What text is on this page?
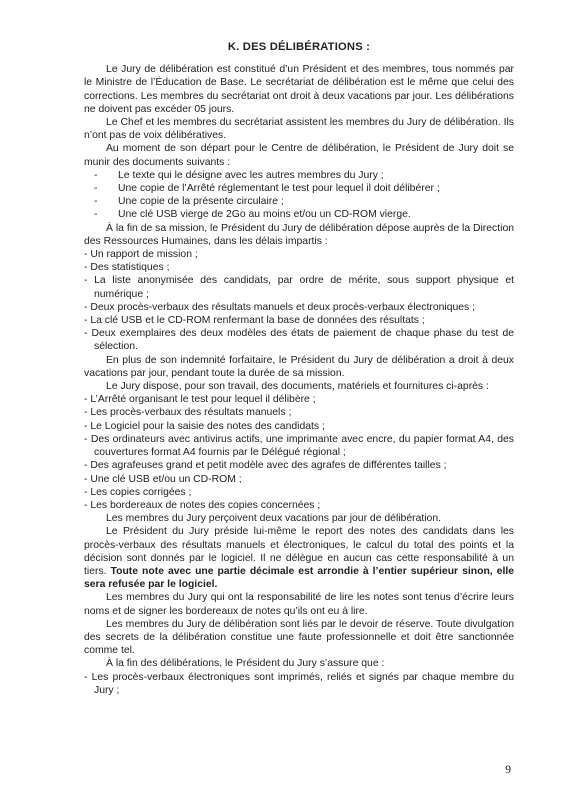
K. DES DÉLIBÉRATIONS :

Le Jury de délibération est constitué d’un Président et des membres, tous nommés par le Ministre de l’Éducation de Base. Le secrétariat de délibération est le même que celui des corrections. Les membres du secrétariat ont droit à deux vacations par jour. Les délibérations ne doivent pas excéder 05 jours.

Le Chef et les membres du secrétariat assistent les membres du Jury de délibération. Ils n’ont pas de voix délibératives.

Au moment de son départ pour le Centre de délibération, le Président de Jury doit se munir des documents suivants :

-	Le texte qui le désigne avec les autres membres du Jury ;
-	Une copie de l’Arrêté réglementant le test pour lequel il doit délibérer ;
-	Une copie de la présente circulaire ;
-	Une clé USB vierge de 2Go au moins et/ou un CD-ROM vierge.

À la fin de sa mission, le Président du Jury de délibération dépose auprès de la Direction des Ressources Humaines, dans les délais impartis :

- Un rapport de mission ;

- Des statistiques ;

- La liste anonymisée des candidats, par ordre de mérite, sous support physique et numérique ;

- Deux procès-verbaux des résultats manuels et deux procès-verbaux électroniques ;

- La clé USB et le CD-ROM renfermant la base de données des résultats ;

- Deux exemplaires des deux modèles des états de paiement de chaque phase du test de sélection.

En plus de son indemnité forfaitaire, le Président du Jury de délibération a droit à deux vacations par jour, pendant toute la durée de sa mission.

Le Jury dispose, pour son travail, des documents, matériels et fournitures ci-après :

- L’Arrêté organisant le test pour lequel il délibère ;

- Les procès-verbaux des résultats manuels ;

- Le Logiciel pour la saisie des notes des candidats ;

- Des ordinateurs avec antivirus actifs, une imprimante avec encre, du papier format A4, des couvertures format A4 fournis par le Délégué régional ;

- Des agrafeuses grand et petit modèle avec des agrafes de différentes tailles ;

- Une clé USB et/ou un CD-ROM ;

- Les copies corrigées ;

- Les bordereaux de notes des copies concernées ;

Les membres du Jury perçoivent deux vacations par jour de délibération.

Le Président du Jury préside lui-même le report des notes des candidats dans les procès-verbaux des résultats manuels et électroniques, le calcul du total des points et la décision sont donnés par le logiciel. Il ne délègue en aucun cas cette responsabilité à un tiers. Toute note avec une partie décimale est arrondie à l’entier supérieur sinon, elle sera refusée par le logiciel.

Les membres du Jury qui ont la responsabilité de lire les notes sont tenus d’écrire leurs noms et de signer les bordereaux de notes qu’ils ont eu à lire.

Les membres du Jury de délibération sont liés par le devoir de réserve. Toute divulgation des secrets de la délibération constitue une faute professionnelle et doit être sanctionnée comme tel.

À la fin des délibérations, le Président du Jury s’assure que :

- Les procès-verbaux électroniques sont imprimés, reliés et signés par chaque membre du Jury ;

9
